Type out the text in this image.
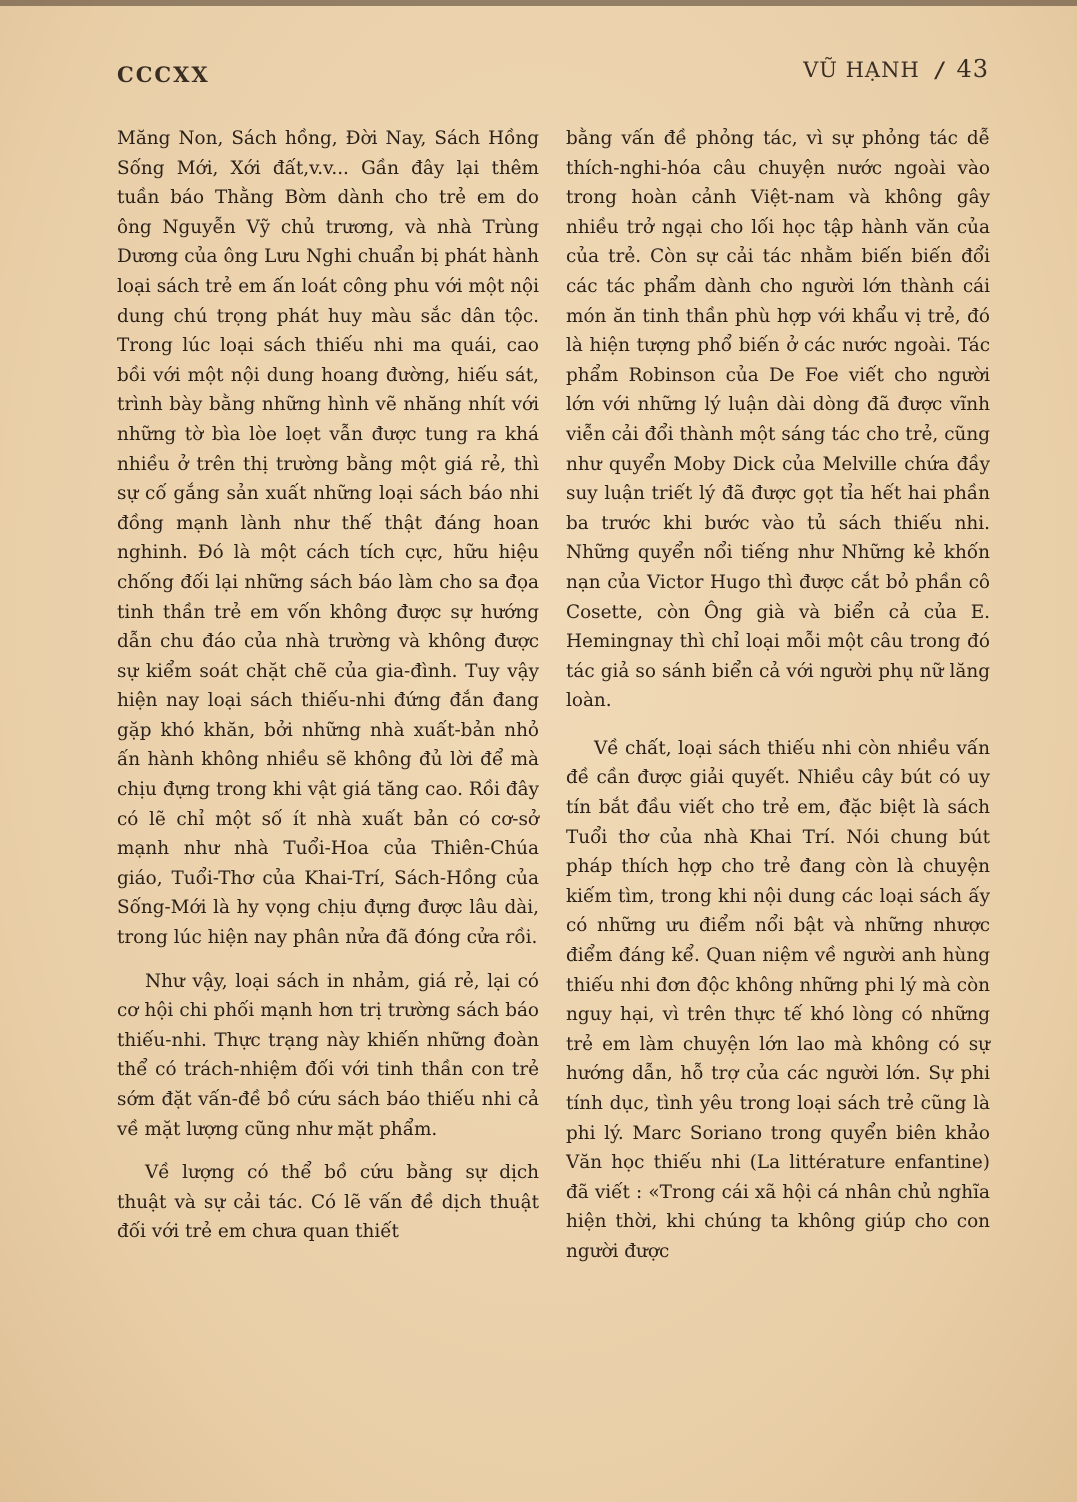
CCCXX	VŨ HẠNH / 43

Măng Non, Sách hồng, Đời Nay, Sách Hồng Sống Mới, Xới đất,v.v... Gần đây lại thêm tuần báo Thằng Bờm dành cho trẻ em do ông Nguyễn Vỹ chủ trương, và nhà Trùng Dương của ông Lưu Nghi chuẩn bị phát hành loại sách trẻ em ấn loát công phu với một nội dung chú trọng phát huy màu sắc dân tộc. Trong lúc loại sách thiếu nhi ma quái, cao bồi với một nội dung hoang đường, hiếu sát, trình bày bằng những hình vẽ nhăng nhít với những tờ bìa lòe loẹt vẫn được tung ra khá nhiều ở trên thị trường bằng một giá rẻ, thì sự cố gắng sản xuất những loại sách báo nhi đồng mạnh lành như thế thật đáng hoan nghinh. Đó là một cách tích cực, hữu hiệu chống đối lại những sách báo làm cho sa đọa tinh thần trẻ em vốn không được sự hướng dẫn chu đáo của nhà trường và không được sự kiểm soát chặt chẽ của gia-đình. Tuy vậy hiện nay loại sách thiếu-nhi đứng đắn đang gặp khó khăn, bởi những nhà xuất-bản nhỏ ấn hành không nhiều sẽ không đủ lời để mà chịu đựng trong khi vật giá tăng cao. Rồi đây có lẽ chỉ một số ít nhà xuất bản có cơ-sở mạnh như nhà Tuổi-Hoa của Thiên-Chúa giáo, Tuổi-Thơ của Khai-Trí, Sách-Hồng của Sống-Mới là hy vọng chịu đựng được lâu dài, trong lúc hiện nay phân nửa đã đóng cửa rồi.

Như vậy, loại sách in nhảm, giá rẻ, lại có cơ hội chi phối mạnh hơn trị trường sách báo thiếu-nhi. Thực trạng này khiến những đoàn thể có trách-nhiệm đối với tinh thần con trẻ sớm đặt vấn-đề bồ cứu sách báo thiếu nhi cả về mặt lượng cũng như mặt phẩm.

Về lượng có thể bồ cứu bằng sự dịch thuật và sự cải tác. Có lẽ vấn đề dịch thuật đối với trẻ em chưa quan thiết

bằng vấn đề phỏng tác, vì sự phỏng tác dễ thích-nghi-hóa câu chuyện nước ngoài vào trong hoàn cảnh Việt-nam và không gây nhiều trở ngại cho lối học tập hành văn của của trẻ. Còn sự cải tác nhằm biến biến đổi các tác phẩm dành cho người lớn thành cái món ăn tinh thần phù hợp với khẩu vị trẻ, đó là hiện tượng phổ biến ở các nước ngoài. Tác phẩm Robinson của De Foe viết cho người lớn với những lý luận dài dòng đã được vĩnh viễn cải đổi thành một sáng tác cho trẻ, cũng như quyển Moby Dick của Melville chứa đầy suy luận triết lý đã được gọt tỉa hết hai phần ba trước khi bước vào tủ sách thiếu nhi. Những quyển nổi tiếng như Những kẻ khốn nạn của Victor Hugo thì được cắt bỏ phần cô Cosette, còn Ông già và biển cả của E. Hemingnay thì chỉ loại mỗi một câu trong đó tác giả so sánh biển cả với người phụ nữ lăng loàn.

Về chất, loại sách thiếu nhi còn nhiều vấn đề cần được giải quyết. Nhiều cây bút có uy tín bắt đầu viết cho trẻ em, đặc biệt là sách Tuổi thơ của nhà Khai Trí. Nói chung bút pháp thích hợp cho trẻ đang còn là chuyện kiếm tìm, trong khi nội dung các loại sách ấy có những ưu điểm nổi bật và những nhược điểm đáng kể. Quan niệm về người anh hùng thiếu nhi đơn độc không những phi lý mà còn nguy hại, vì trên thực tế khó lòng có những trẻ em làm chuyện lớn lao mà không có sự hướng dẫn, hỗ trợ của các người lớn. Sự phi tính dục, tình yêu trong loại sách trẻ cũng là phi lý. Marc Soriano trong quyển biên khảo Văn học thiếu nhi (La littérature enfantine) đã viết : «Trong cái xã hội cá nhân chủ nghĩa hiện thời, khi chúng ta không giúp cho con người được
